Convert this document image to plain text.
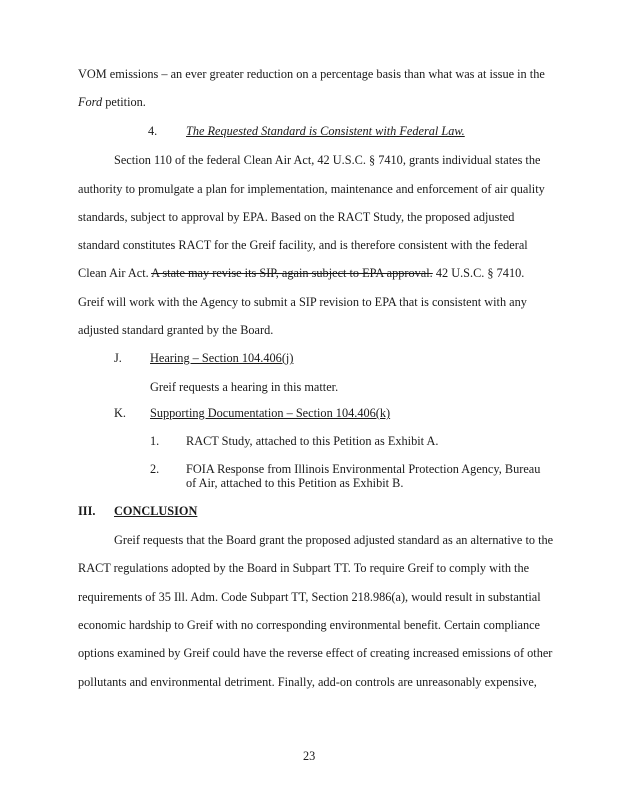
VOM emissions – an ever greater reduction on a percentage basis than what was at issue in the
Ford petition.
4. The Requested Standard is Consistent with Federal Law.
Section 110 of the federal Clean Air Act, 42 U.S.C. § 7410, grants individual states the
authority to promulgate a plan for implementation, maintenance and enforcement of air quality
standards, subject to approval by EPA. Based on the RACT Study, the proposed adjusted
standard constitutes RACT for the Greif facility, and is therefore consistent with the federal
Clean Air Act. A state may revise its SIP, again subject to EPA approval. 42 U.S.C. § 7410.
Greif will work with the Agency to submit a SIP revision to EPA that is consistent with any
adjusted standard granted by the Board.
J. Hearing – Section 104.406(j)
Greif requests a hearing in this matter.
K. Supporting Documentation – Section 104.406(k)
1. RACT Study, attached to this Petition as Exhibit A.
2. FOIA Response from Illinois Environmental Protection Agency, Bureau
of Air, attached to this Petition as Exhibit B.
III. CONCLUSION
Greif requests that the Board grant the proposed adjusted standard as an alternative to the
RACT regulations adopted by the Board in Subpart TT. To require Greif to comply with the
requirements of 35 Ill. Adm. Code Subpart TT, Section 218.986(a), would result in substantial
economic hardship to Greif with no corresponding environmental benefit. Certain compliance
options examined by Greif could have the reverse effect of creating increased emissions of other
pollutants and environmental detriment. Finally, add-on controls are unreasonably expensive,
23
